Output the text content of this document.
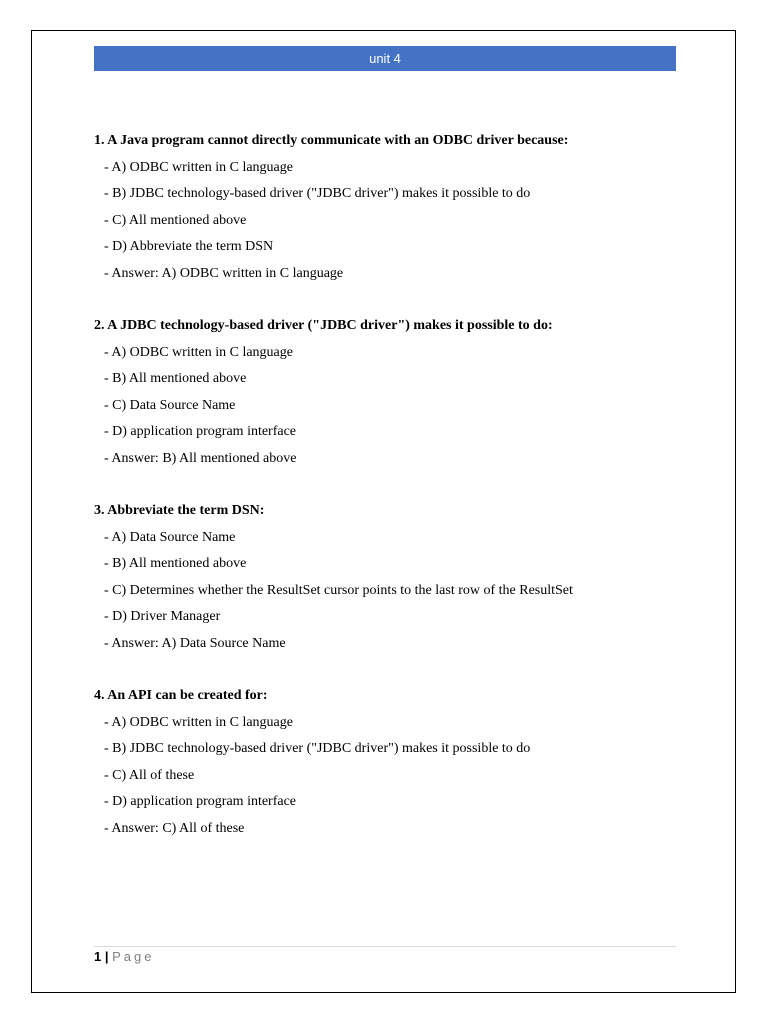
unit 4
1. A Java program cannot directly communicate with an ODBC driver because:
- A) ODBC written in C language
- B) JDBC technology-based driver ("JDBC driver") makes it possible to do
- C) All mentioned above
- D) Abbreviate the term DSN
- Answer: A) ODBC written in C language
2. A JDBC technology-based driver ("JDBC driver") makes it possible to do:
- A) ODBC written in C language
- B) All mentioned above
- C) Data Source Name
- D) application program interface
- Answer: B) All mentioned above
3. Abbreviate the term DSN:
- A) Data Source Name
- B) All mentioned above
- C) Determines whether the ResultSet cursor points to the last row of the ResultSet
- D) Driver Manager
- Answer: A) Data Source Name
4. An API can be created for:
- A) ODBC written in C language
- B) JDBC technology-based driver ("JDBC driver") makes it possible to do
- C) All of these
- D) application program interface
- Answer: C) All of these
1 | Page
